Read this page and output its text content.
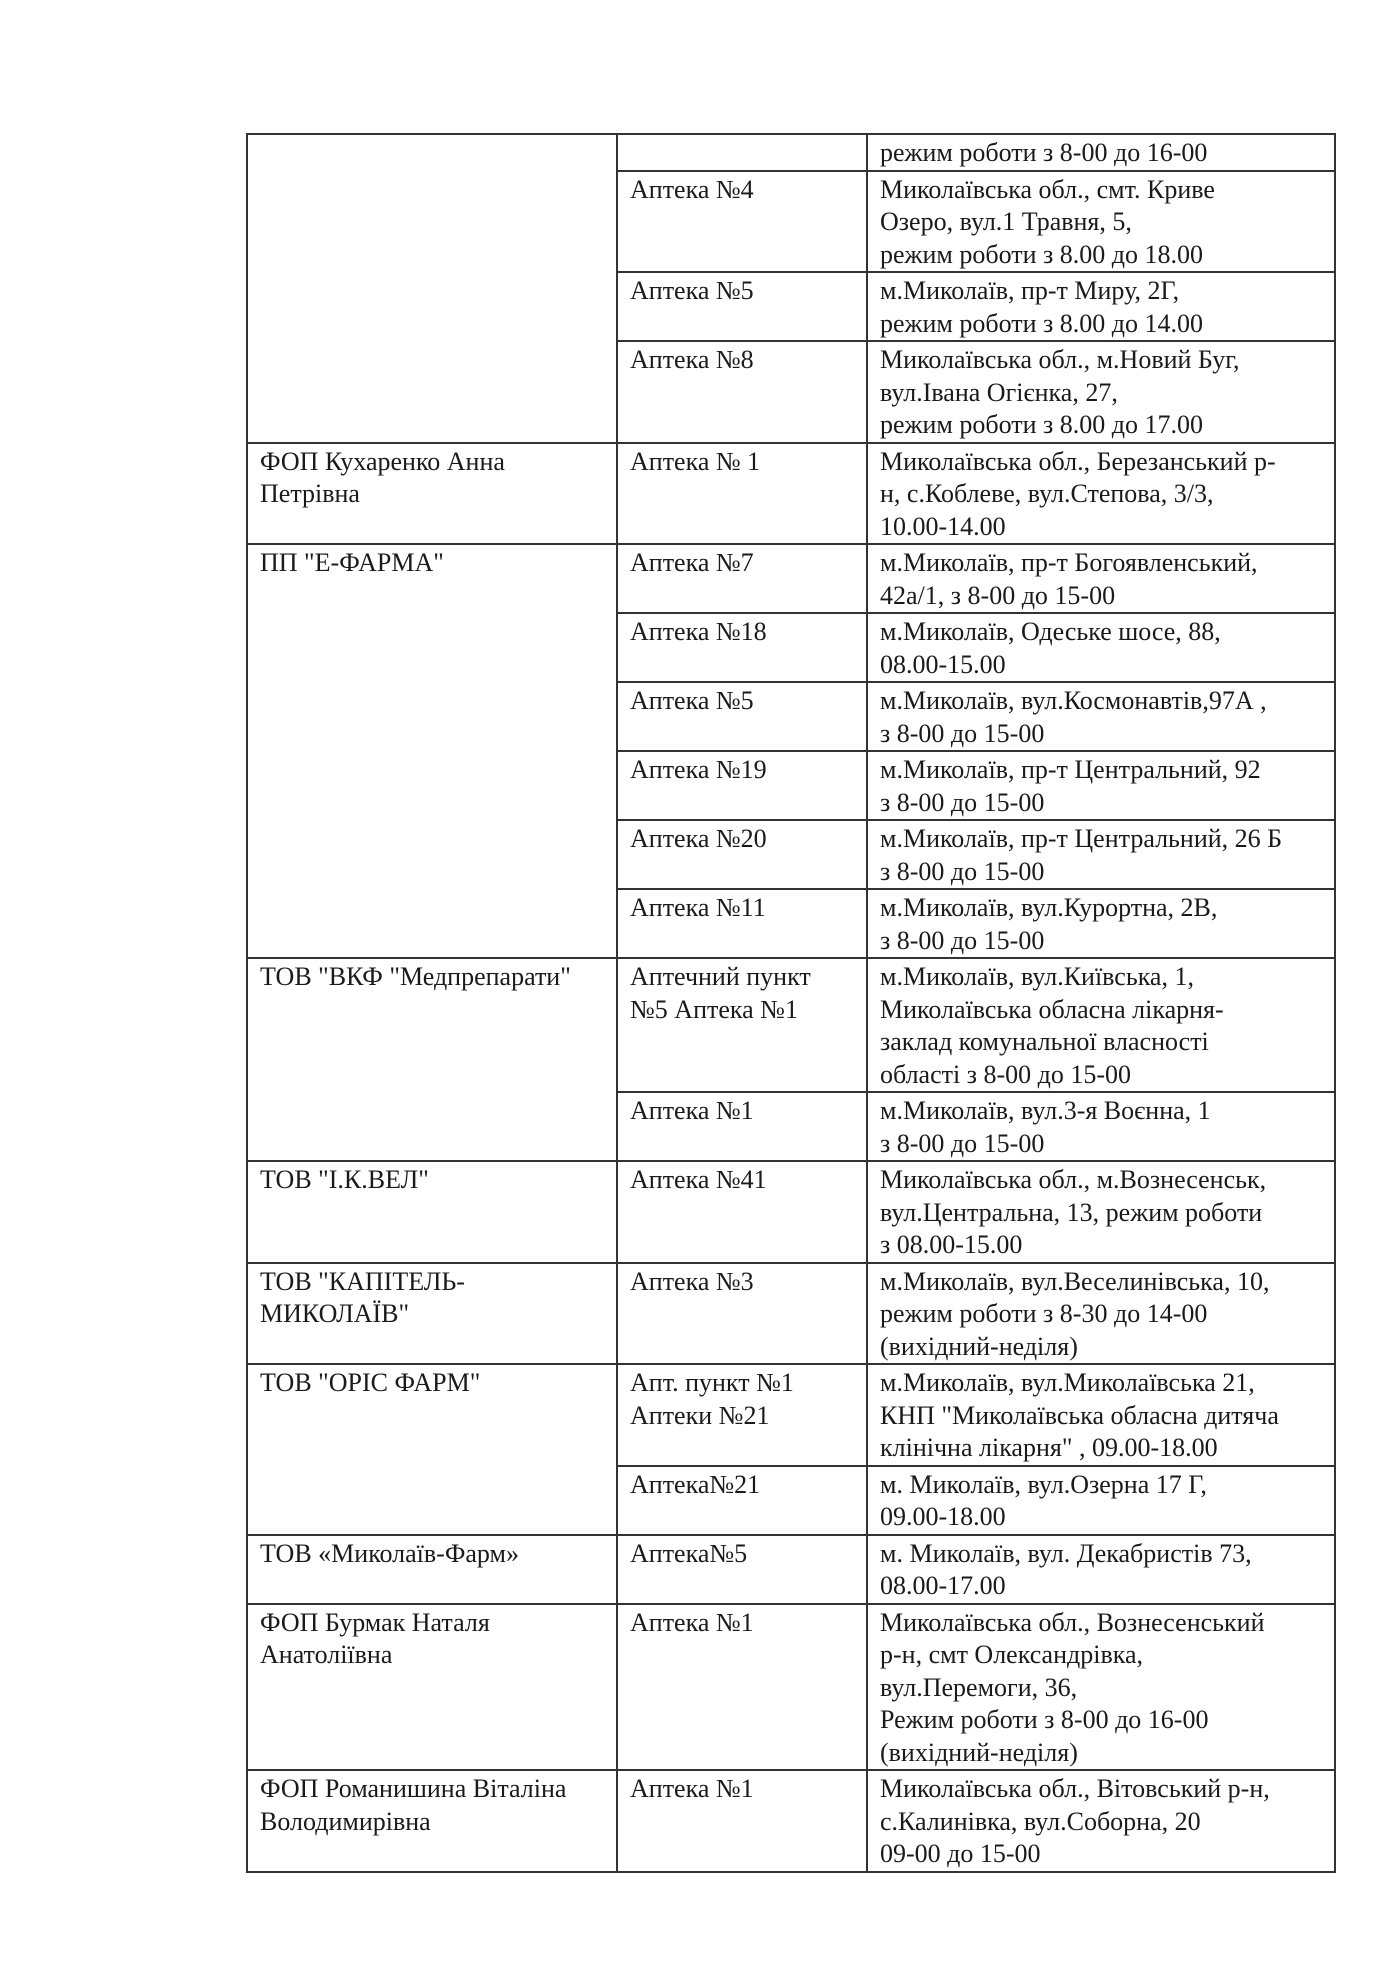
		режим роботи з 8-00 до 16-00

	Аптека №4	Миколаївська обл., смт. Криве
Озеро, вул.1 Травня, 5,
режим роботи з 8.00 до 18.00

	Аптека №5	м.Миколаїв, пр-т Миру, 2Г,
режим роботи з 8.00 до 14.00

	Аптека №8	Миколаївська обл., м.Новий Буг,
вул.Івана Огієнка, 27,
режим роботи з 8.00 до 17.00

ФОП Кухаренко Анна
Петрівна	Аптека № 1	Миколаївська обл., Березанський р-
н, с.Коблеве, вул.Степова, 3/3,
10.00-14.00

ПП "Е-ФАРМА"	Аптека №7	м.Миколаїв, пр-т Богоявленський,
42а/1, з 8-00 до 15-00

	Аптека №18	м.Миколаїв, Одеське шосе, 88,
08.00-15.00

	Аптека №5	м.Миколаїв, вул.Космонавтів,97А ,
з 8-00 до 15-00

	Аптека №19	м.Миколаїв, пр-т Центральний, 92
з 8-00 до 15-00

	Аптека №20	м.Миколаїв, пр-т Центральний, 26 Б
з 8-00 до 15-00

	Аптека №11	м.Миколаїв, вул.Курортна, 2В,
з 8-00 до 15-00

ТОВ "ВКФ "Медпрепарати"	Аптечний пункт
№5 Аптека №1	м.Миколаїв, вул.Київська, 1,
Миколаївська обласна лікарня-
заклад комунальної власності
області з 8-00 до 15-00

	Аптека №1	м.Миколаїв, вул.3-я Воєнна, 1
з 8-00 до 15-00

ТОВ "І.К.ВЕЛ"	Аптека №41	Миколаївська обл., м.Вознесенськ,
вул.Центральна, 13, режим роботи
з 08.00-15.00

ТОВ "КАПІТЕЛЬ-
МИКОЛАЇВ"	Аптека №3	м.Миколаїв, вул.Веселинівська, 10,
режим роботи з 8-30 до 14-00
(вихідний-неділя)

ТОВ "ОРІС ФАРМ"	Апт. пункт №1
Аптеки №21	м.Миколаїв, вул.Миколаївська 21,
КНП "Миколаївська обласна дитяча
клінічна лікарня" , 09.00-18.00

	Аптека№21	м. Миколаїв, вул.Озерна 17 Г,
09.00-18.00

ТОВ «Миколаїв-Фарм»	Аптека№5	м. Миколаїв, вул. Декабристів 73,
08.00-17.00

ФОП Бурмак Наталя
Анатоліївна	Аптека №1	Миколаївська обл., Вознесенський
р-н, смт Олександрівка,
вул.Перемоги, 36,
Режим роботи з 8-00 до 16-00
(вихідний-неділя)

ФОП Романишина Віталіна
Володимирівна	Аптека №1	Миколаївська обл., Вітовський р-н,
с.Калинівка, вул.Соборна, 20
09-00 до 15-00
